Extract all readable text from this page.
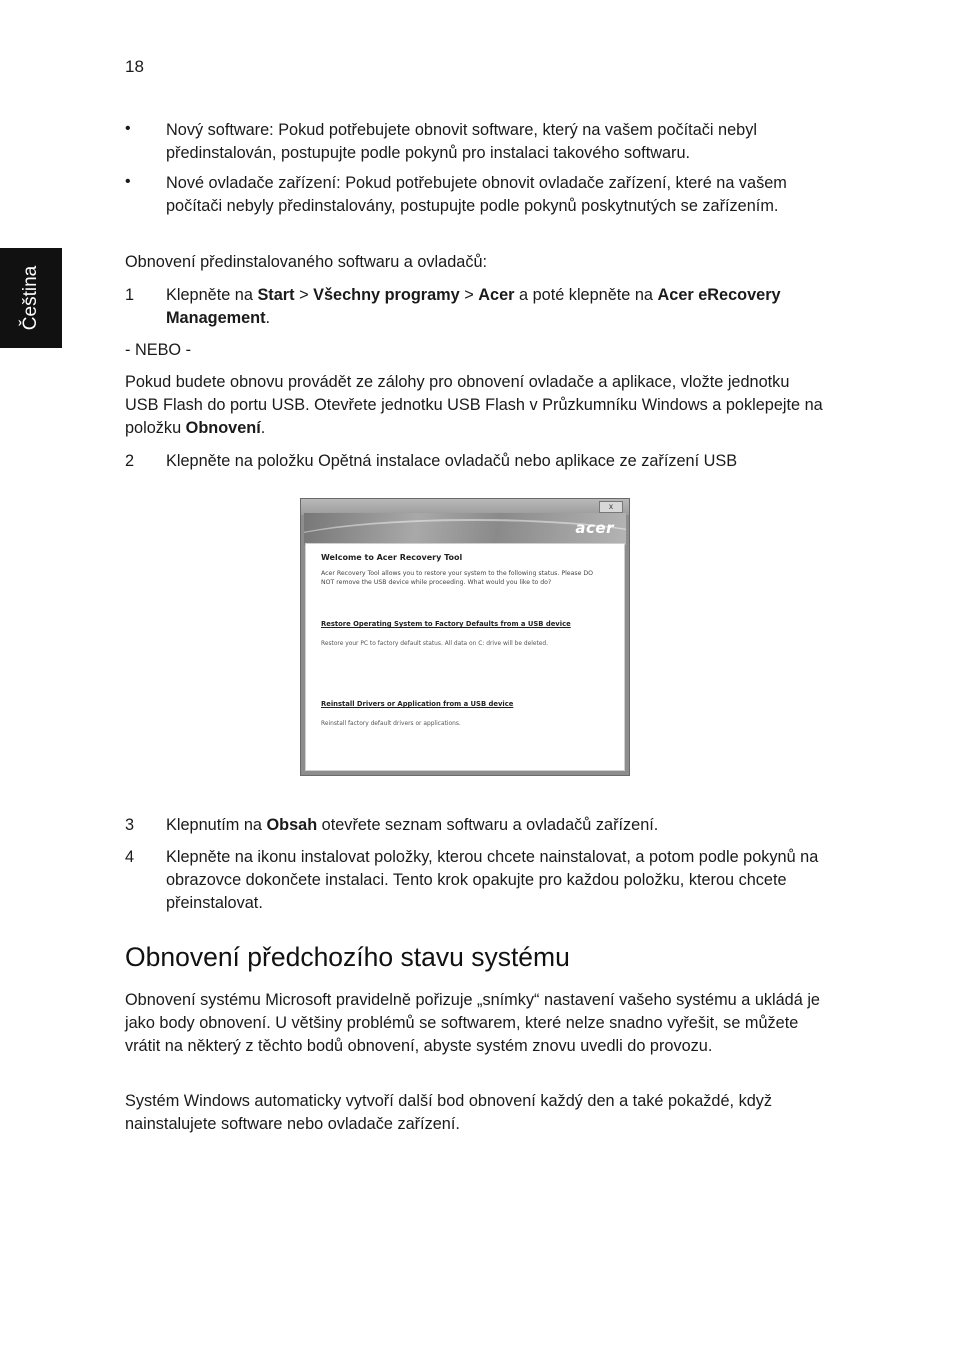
18
Čeština
• Nový software: Pokud potřebujete obnovit software, který na vašem počítači nebyl předinstalován, postupujte podle pokynů pro instalaci takového softwaru.

• Nové ovladače zařízení: Pokud potřebujete obnovit ovladače zařízení, které na vašem počítači nebyly předinstalovány, postupujte podle pokynů poskytnutých se zařízením.

Obnovení předinstalovaného softwaru a ovladačů:

1 Klepněte na Start > Všechny programy > Acer a poté klepněte na Acer eRecovery Management.

- NEBO -

Pokud budete obnovu provádět ze zálohy pro obnovení ovladače a aplikace, vložte jednotku USB Flash do portu USB. Otevřete jednotku USB Flash v Průzkumníku Windows a poklepejte na položku Obnovení.

2 Klepněte na položku Opětná instalace ovladačů nebo aplikace ze zařízení USB

x
acer

Welcome to Acer Recovery Tool

Acer Recovery Tool allows you to restore your system to the following status. Please DO NOT remove the USB device while proceeding. What would you like to do?

Restore Operating System to Factory Defaults from a USB device

Restore your PC to factory default status. All data on C: drive will be deleted.

Reinstall Drivers or Application from a USB device

Reinstall factory default drivers or applications.

3 Klepnutím na Obsah otevřete seznam softwaru a ovladačů zařízení.

4 Klepněte na ikonu instalovat položky, kterou chcete nainstalovat, a potom podle pokynů na obrazovce dokončete instalaci. Tento krok opakujte pro každou položku, kterou chcete přeinstalovat.

Obnovení předchozího stavu systému

Obnovení systému Microsoft pravidelně pořizuje „snímky“ nastavení vašeho systému a ukládá je jako body obnovení. U většiny problémů se softwarem, které nelze snadno vyřešit, se můžete vrátit na některý z těchto bodů obnovení, abyste systém znovu uvedli do provozu.

Systém Windows automaticky vytvoří další bod obnovení každý den a také pokaždé, když nainstalujete software nebo ovladače zařízení.
